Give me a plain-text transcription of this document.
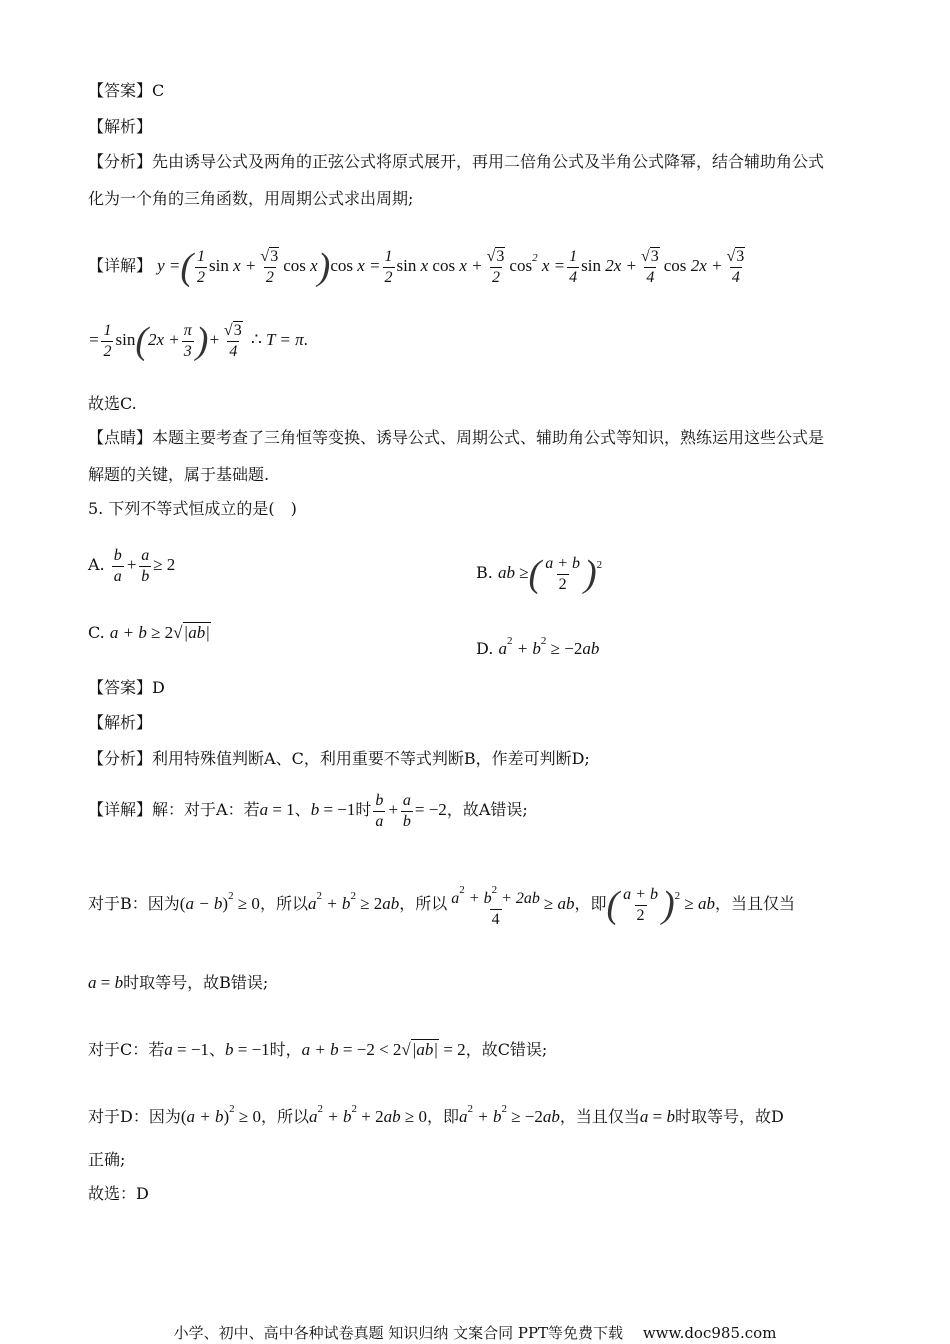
【答案】C
【解析】
【分析】先由诱导公式及两角的正弦公式将原式展开，再用二倍角公式及半角公式降幂，结合辅助角公式
化为一个角的三角函数，用周期公式求出周期;
【详解】 y =( $\frac{1}{2}$ $\sin x + \frac{√3}{2}$ cos x)cos $x = \frac{1}{2}$ sin x $\cos x + \frac{√3}{2} \cos^2 x = \frac{1}{4}$ $\sin 2x + \frac{√3}{4}$ $\cos 2x + \frac{√3}{4}$
= $\frac{1}{2} \sin(2x + \frac{\pi}{3}$ )+ $\frac{√3}{4}$ ∴ T = π.
故选C.
【点睛】本题主要考查了三角恒等变换、诱导公式、周期公式、辅助角公式等知识，熟练运用这些公式是
解题的关键，属于基础题.
5. 下列不等式恒成立的是(　)
A. $\frac{b}{a} + \frac{a}{b} \ge 2$	B. ab ≥( $\frac{a + b}{2} )^2$
C. a + b ≥ 2√|ab|
D. $a^2 + b^2 \ge -2ab$
【答案】D
【解析】
【分析】利用特殊值判断A、C，利用重要不等式判断B，作差可判断D;
【详解】解：对于A：若a = 1、b = −1时 $\frac{b}{a} + \frac{a}{b} = -2$，故A错误;
对于B：因为$(a - b)^2 \ge 0$，所以$a^2 + b^2 \ge 2ab$，所以 $\frac{a^2 + b^2 + 2ab}{4}$ ≥ ab，即( $\frac{a + b}{2} )^2$ ≥ ab，当且仅当
a = b时取等号，故B错误;
对于C：若a = −1、b = −1时，a + b = −2 < 2√|ab| = 2，故C错误;
对于D：因为$(a + b)^2 \ge 0$，所以$a^2 + b^2 + 2ab \ge 0$，即$a^2 + b^2 \ge -2ab$，当且仅当a = b时取等号，故D
正确;
故选：D
小学、初中、高中各种试卷真题 知识归纳 文案合同 PPT等免费下载　 www.doc985.com
